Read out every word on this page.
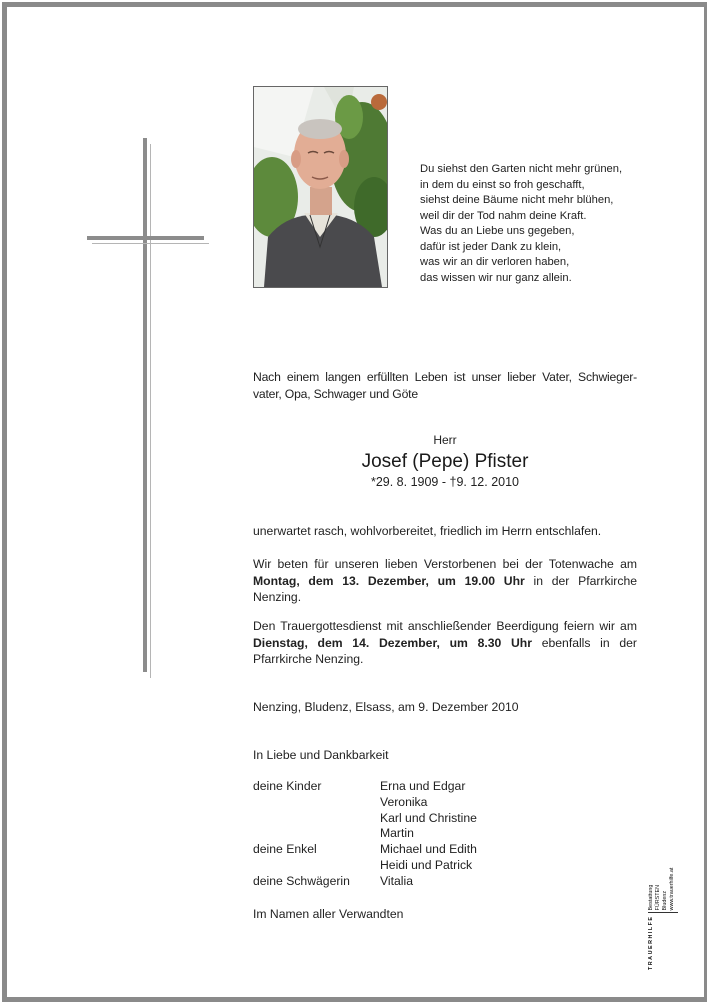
Du siehst den Garten nicht mehr grünen,
in dem du einst so froh geschafft,
siehst deine Bäume nicht mehr blühen,
weil dir der Tod nahm deine Kraft.
Was du an Liebe uns gegeben,
dafür ist jeder Dank zu klein,
was wir an dir verloren haben,
das wissen wir nur ganz allein.
Nach einem langen erfüllten Leben ist unser lieber Vater, Schwieger-vater, Opa, Schwager und Göte
Herr
Josef (Pepe) Pfister
*29. 8. 1909 - †9. 12. 2010
unerwartet rasch, wohlvorbereitet, friedlich im Herrn entschlafen.
Wir beten für unseren lieben Verstorbenen bei der Totenwache am Montag, dem 13. Dezember, um 19.00 Uhr in der Pfarrkirche Nenzing.
Den Trauergottesdienst mit anschließender Beerdigung feiern wir am Dienstag, dem 14. Dezember, um 8.30 Uhr ebenfalls in der Pfarrkirche Nenzing.
Nenzing, Bludenz, Elsass, am 9. Dezember 2010
In Liebe und Dankbarkeit
deine Kinder	Erna und Edgar
Veronika
Karl und Christine
Martin
deine Enkel	Michael und Edith
Heidi und Patrick
deine Schwägerin	Vitalia
Im Namen aller Verwandten
TRAUERHILFE
Bestattung FÜRSTEN Bludenz www.trauerhilfe.at
